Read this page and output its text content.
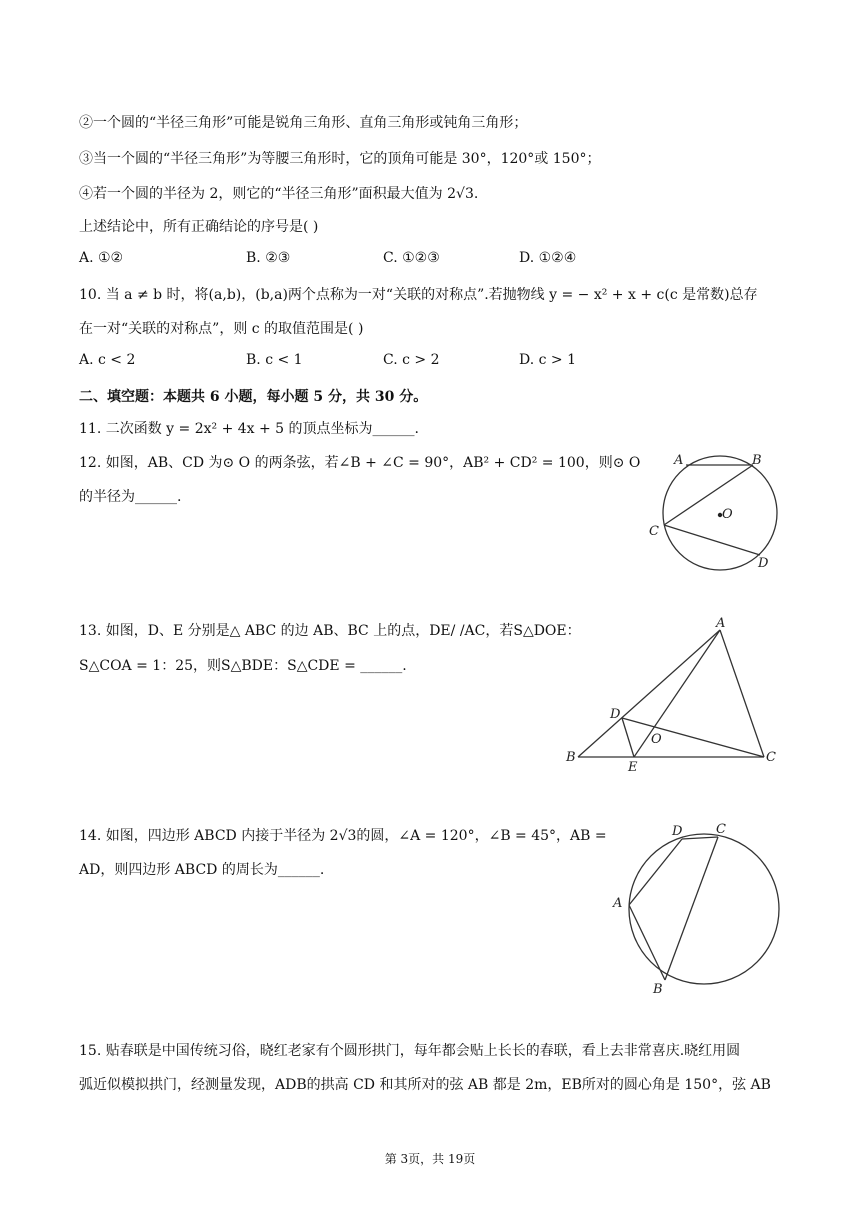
②一个圆的“半径三角形”可能是锐角三角形、直角三角形或钝角三角形；
③当一个圆的“半径三角形”为等腰三角形时，它的顶角可能是 30°，120°或 150°；
④若一个圆的半径为 2，则它的“半径三角形”面积最大值为 2√3.
上述结论中，所有正确结论的序号是( )
A. ①②	B. ②③	C. ①②③	D. ①②④
10. 当 a ≠ b 时，将(a,b)，(b,a)两个点称为一对“关联的对称点”.若抛物线 y = − x² + x + c(c 是常数)总存
在一对“关联的对称点”，则 c 的取值范围是( )
A. c < 2	B. c < 1	C. c > 2	D. c > 1
二、填空题：本题共 6 小题，每小题 5 分，共 30 分。
11. 二次函数 y = 2x² + 4x + 5 的顶点坐标为______.
12. 如图，AB、CD 为⊙ O 的两条弦，若∠B + ∠C = 90°，AB² + CD² = 100，则⊙ O
的半径为______.
A	B
C
D
O
13. 如图，D、E 分别是△ ABC 的边 AB、BC 上的点，DE/ /AC，若S△DOE：
S△COA = 1：25，则S△BDE：S△CDE = ______.
A
B	C
D
E
O
14. 如图，四边形 ABCD 内接于半径为 2√3的圆，∠A = 120°，∠B = 45°，AB =
AD，则四边形 ABCD 的周长为______.
A
B
C
D
15. 贴春联是中国传统习俗，晓红老家有个圆形拱门，每年都会贴上长长的春联，看上去非常喜庆.晓红用圆
弧近似模拟拱门，经测量发现，ADB的拱高 CD 和其所对的弦 AB 都是 2m，EB所对的圆心角是 150°，弦 AB
第 3页，共 19页
